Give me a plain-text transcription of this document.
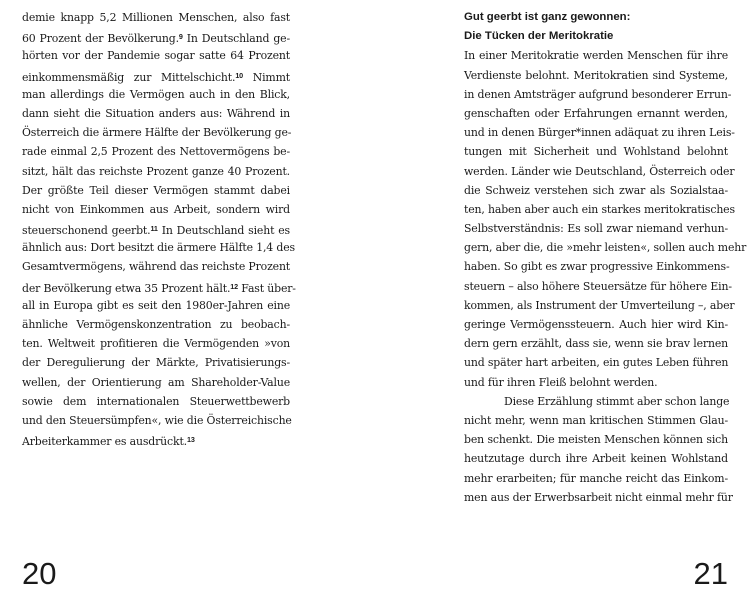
demie knapp 5,2 Millionen Menschen, also fast
60 Prozent der Bevölkerung.$^9$ In Deutschland ge-
hörten vor der Pandemie sogar satte 64 Prozent
einkommensmäßig zur Mittelschicht.$^{10}$ Nimmt
man allerdings die Vermögen auch in den Blick,
dann sieht die Situation anders aus: Während in
Österreich die ärmere Hälfte der Bevölkerung ge-
rade einmal 2,5 Prozent des Nettovermögens be-
sitzt, hält das reichste Prozent ganze 40 Prozent.
Der größte Teil dieser Vermögen stammt dabei
nicht von Einkommen aus Arbeit, sondern wird
steuerschonend geerbt.$^{11}$ In Deutschland sieht es
ähnlich aus: Dort besitzt die ärmere Hälfte 1,4 des
Gesamtvermögens, während das reichste Prozent
der Bevölkerung etwa 35 Prozent hält.$^{12}$ Fast über-
all in Europa gibt es seit den 1980er-Jahren eine
ähnliche Vermögenskonzentration zu beobach-
ten. Weltweit profitieren die Vermögenden »von
der Deregulierung der Märkte, Privatisierungs-
wellen, der Orientierung am Shareholder-Value
sowie dem internationalen Steuerwettbewerb
und den Steuersümpfen«, wie die Österreichische
Arbeiterkammer es ausdrückt.$^{13}$
20
Gut geerbt ist ganz gewonnen:
Die Tücken der Meritokratie
In einer Meritokratie werden Menschen für ihre
Verdienste belohnt. Meritokratien sind Systeme,
in denen Amtsträger aufgrund besonderer Errun-
genschaften oder Erfahrungen ernannt werden,
und in denen Bürger*innen adäquat zu ihren Leis-
tungen mit Sicherheit und Wohlstand belohnt
werden. Länder wie Deutschland, Österreich oder
die Schweiz verstehen sich zwar als Sozialstaa-
ten, haben aber auch ein starkes meritokratisches
Selbstverständnis: Es soll zwar niemand verhun-
gern, aber die, die »mehr leisten«, sollen auch mehr
haben. So gibt es zwar progressive Einkommens-
steuern – also höhere Steuersätze für höhere Ein-
kommen, als Instrument der Umverteilung –, aber
geringe Vermögenssteuern. Auch hier wird Kin-
dern gern erzählt, dass sie, wenn sie brav lernen
und später hart arbeiten, ein gutes Leben führen
und für ihren Fleiß belohnt werden.
Diese Erzählung stimmt aber schon lange
nicht mehr, wenn man kritischen Stimmen Glau-
ben schenkt. Die meisten Menschen können sich
heutzutage durch ihre Arbeit keinen Wohlstand
mehr erarbeiten; für manche reicht das Einkom-
men aus der Erwerbsarbeit nicht einmal mehr für
21
